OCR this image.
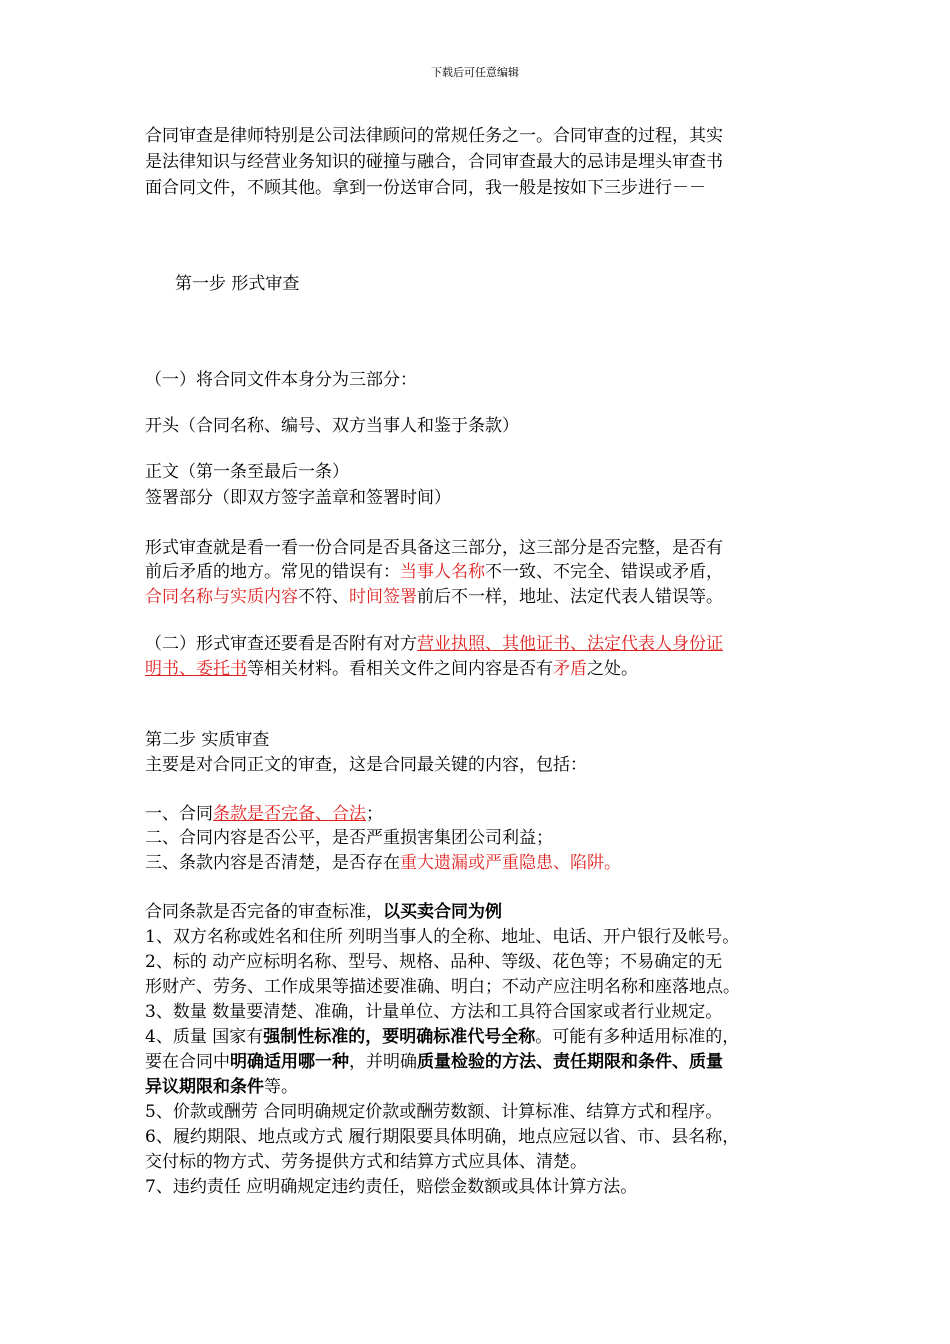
下载后可任意编辑
合同审查是律师特别是公司法律顾问的常规任务之一。合同审查的过程，其实
是法律知识与经营业务知识的碰撞与融合，合同审查最大的忌讳是埋头审查书
面合同文件，不顾其他。拿到一份送审合同，我一般是按如下三步进行－－
第一步 形式审查
（一）将合同文件本身分为三部分：
开头（合同名称、编号、双方当事人和鉴于条款）
正文（第一条至最后一条）
签署部分（即双方签字盖章和签署时间）
形式审查就是看一看一份合同是否具备这三部分，这三部分是否完整，是否有
前后矛盾的地方。常见的错误有：当事人名称不一致、不完全、错误或矛盾，
合同名称与实质内容不符、时间签署前后不一样，地址、法定代表人错误等。
（二）形式审查还要看是否附有对方营业执照、其他证书、法定代表人身份证
明书、委托书等相关材料。看相关文件之间内容是否有矛盾之处。
第二步 实质审查
主要是对合同正文的审查，这是合同最关键的内容，包括：
一、合同条款是否完备、合法；
二、合同内容是否公平，是否严重损害集团公司利益；
三、条款内容是否清楚，是否存在重大遗漏或严重隐患、陷阱。
合同条款是否完备的审查标准，以买卖合同为例
1、双方名称或姓名和住所 列明当事人的全称、地址、电话、开户银行及帐号。
2、标的 动产应标明名称、型号、规格、品种、等级、花色等；不易确定的无
形财产、劳务、工作成果等描述要准确、明白；不动产应注明名称和座落地点。
3、数量 数量要清楚、准确，计量单位、方法和工具符合国家或者行业规定。
4、质量 国家有强制性标准的，要明确标准代号全称。可能有多种适用标准的，
要在合同中明确适用哪一种，并明确质量检验的方法、责任期限和条件、质量
异议期限和条件等。
5、价款或酬劳 合同明确规定价款或酬劳数额、计算标准、结算方式和程序。
6、履约期限、地点或方式 履行期限要具体明确，地点应冠以省、市、县名称，
交付标的物方式、劳务提供方式和结算方式应具体、清楚。
7、违约责任 应明确规定违约责任，赔偿金数额或具体计算方法。
